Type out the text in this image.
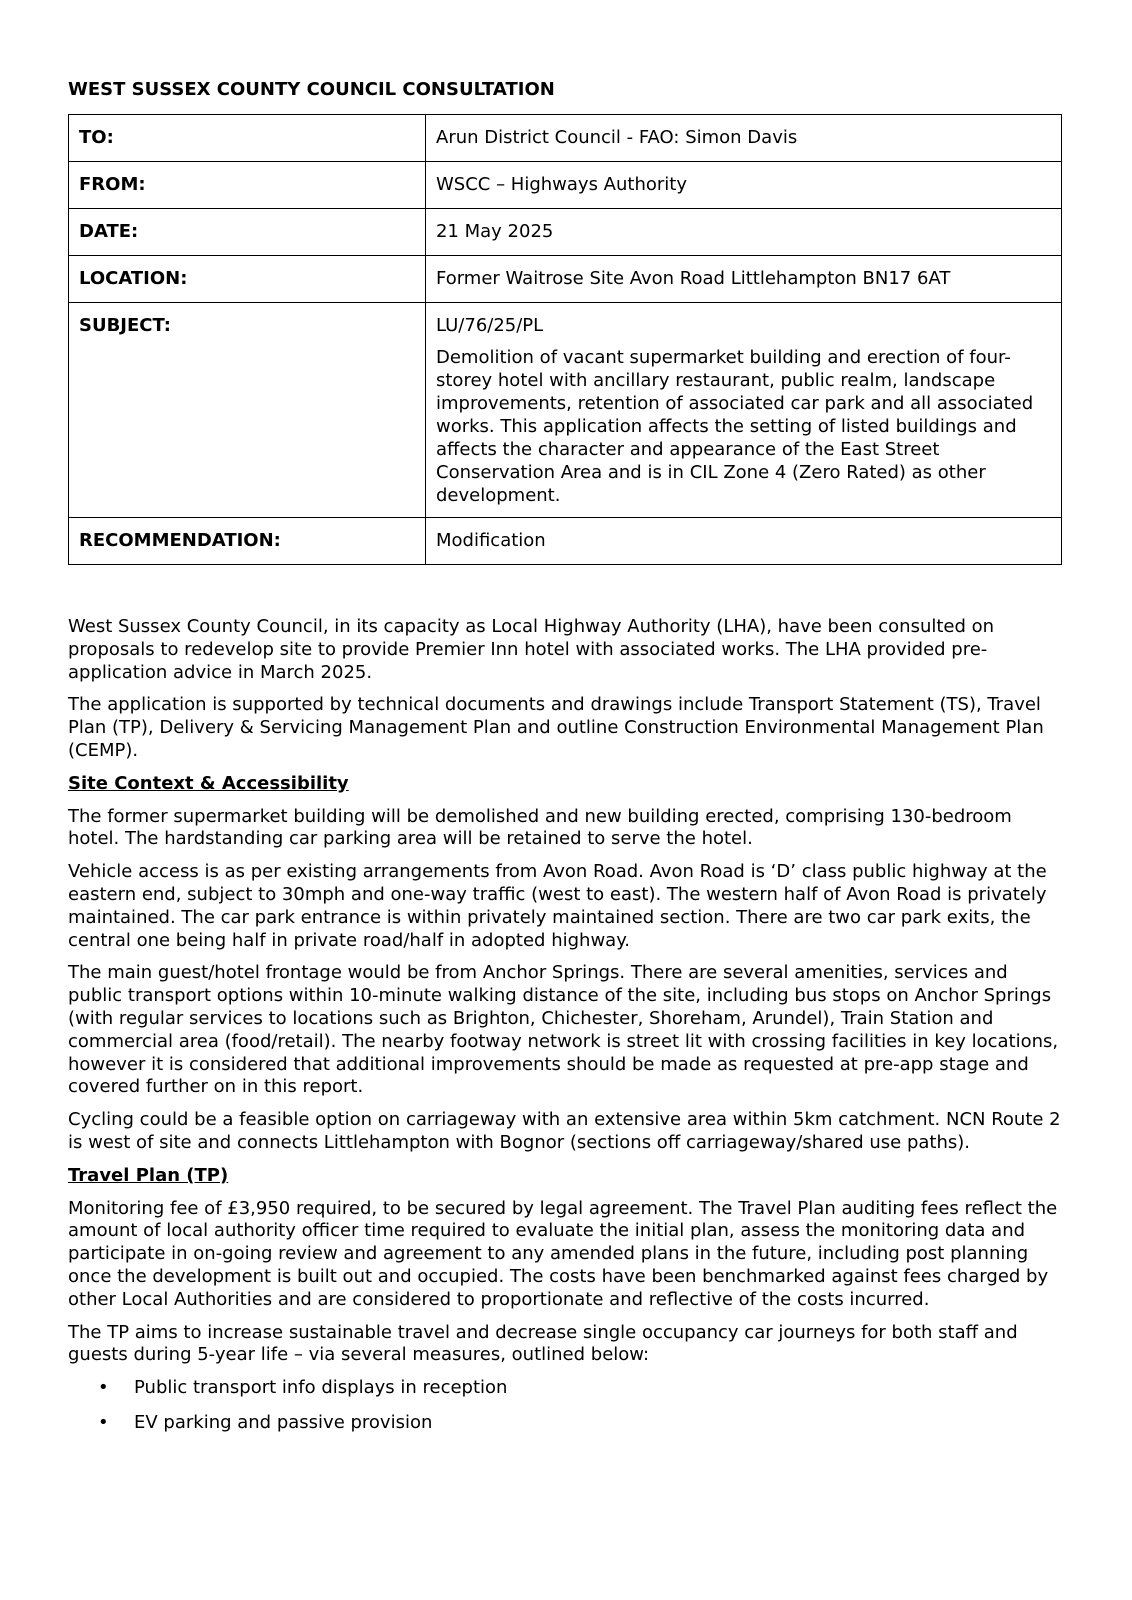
WEST SUSSEX COUNTY COUNCIL CONSULTATION
TO:	Arun District Council - FAO: Simon Davis
FROM:	WSCC – Highways Authority
DATE:	21 May 2025
LOCATION:	Former Waitrose Site Avon Road Littlehampton BN17 6AT
SUBJECT:	LU/76/25/PL

Demolition of vacant supermarket building and erection of four-storey hotel with ancillary restaurant, public realm, landscape improvements, retention of associated car park and all associated works. This application affects the setting of listed buildings and affects the character and appearance of the East Street Conservation Area and is in CIL Zone 4 (Zero Rated) as other development.

RECOMMENDATION:	Modification

West Sussex County Council, in its capacity as Local Highway Authority (LHA), have been consulted on proposals to redevelop site to provide Premier Inn hotel with associated works. The LHA provided pre-application advice in March 2025.

The application is supported by technical documents and drawings include Transport Statement (TS), Travel Plan (TP), Delivery & Servicing Management Plan and outline Construction Environmental Management Plan (CEMP).

Site Context & Accessibility

The former supermarket building will be demolished and new building erected, comprising 130-bedroom hotel. The hardstanding car parking area will be retained to serve the hotel.

Vehicle access is as per existing arrangements from Avon Road. Avon Road is ‘D’ class public highway at the eastern end, subject to 30mph and one-way traffic (west to east). The western half of Avon Road is privately maintained. The car park entrance is within privately maintained section. There are two car park exits, the central one being half in private road/half in adopted highway.

The main guest/hotel frontage would be from Anchor Springs. There are several amenities, services and public transport options within 10-minute walking distance of the site, including bus stops on Anchor Springs (with regular services to locations such as Brighton, Chichester, Shoreham, Arundel), Train Station and commercial area (food/retail). The nearby footway network is street lit with crossing facilities in key locations, however it is considered that additional improvements should be made as requested at pre-app stage and covered further on in this report.

Cycling could be a feasible option on carriageway with an extensive area within 5km catchment. NCN Route 2 is west of site and connects Littlehampton with Bognor (sections off carriageway/shared use paths).

Travel Plan (TP)

Monitoring fee of £3,950 required, to be secured by legal agreement. The Travel Plan auditing fees reflect the amount of local authority officer time required to evaluate the initial plan, assess the monitoring data and participate in on-going review and agreement to any amended plans in the future, including post planning once the development is built out and occupied. The costs have been benchmarked against fees charged by other Local Authorities and are considered to proportionate and reflective of the costs incurred.

The TP aims to increase sustainable travel and decrease single occupancy car journeys for both staff and guests during 5-year life – via several measures, outlined below:

• Public transport info displays in reception
• EV parking and passive provision
